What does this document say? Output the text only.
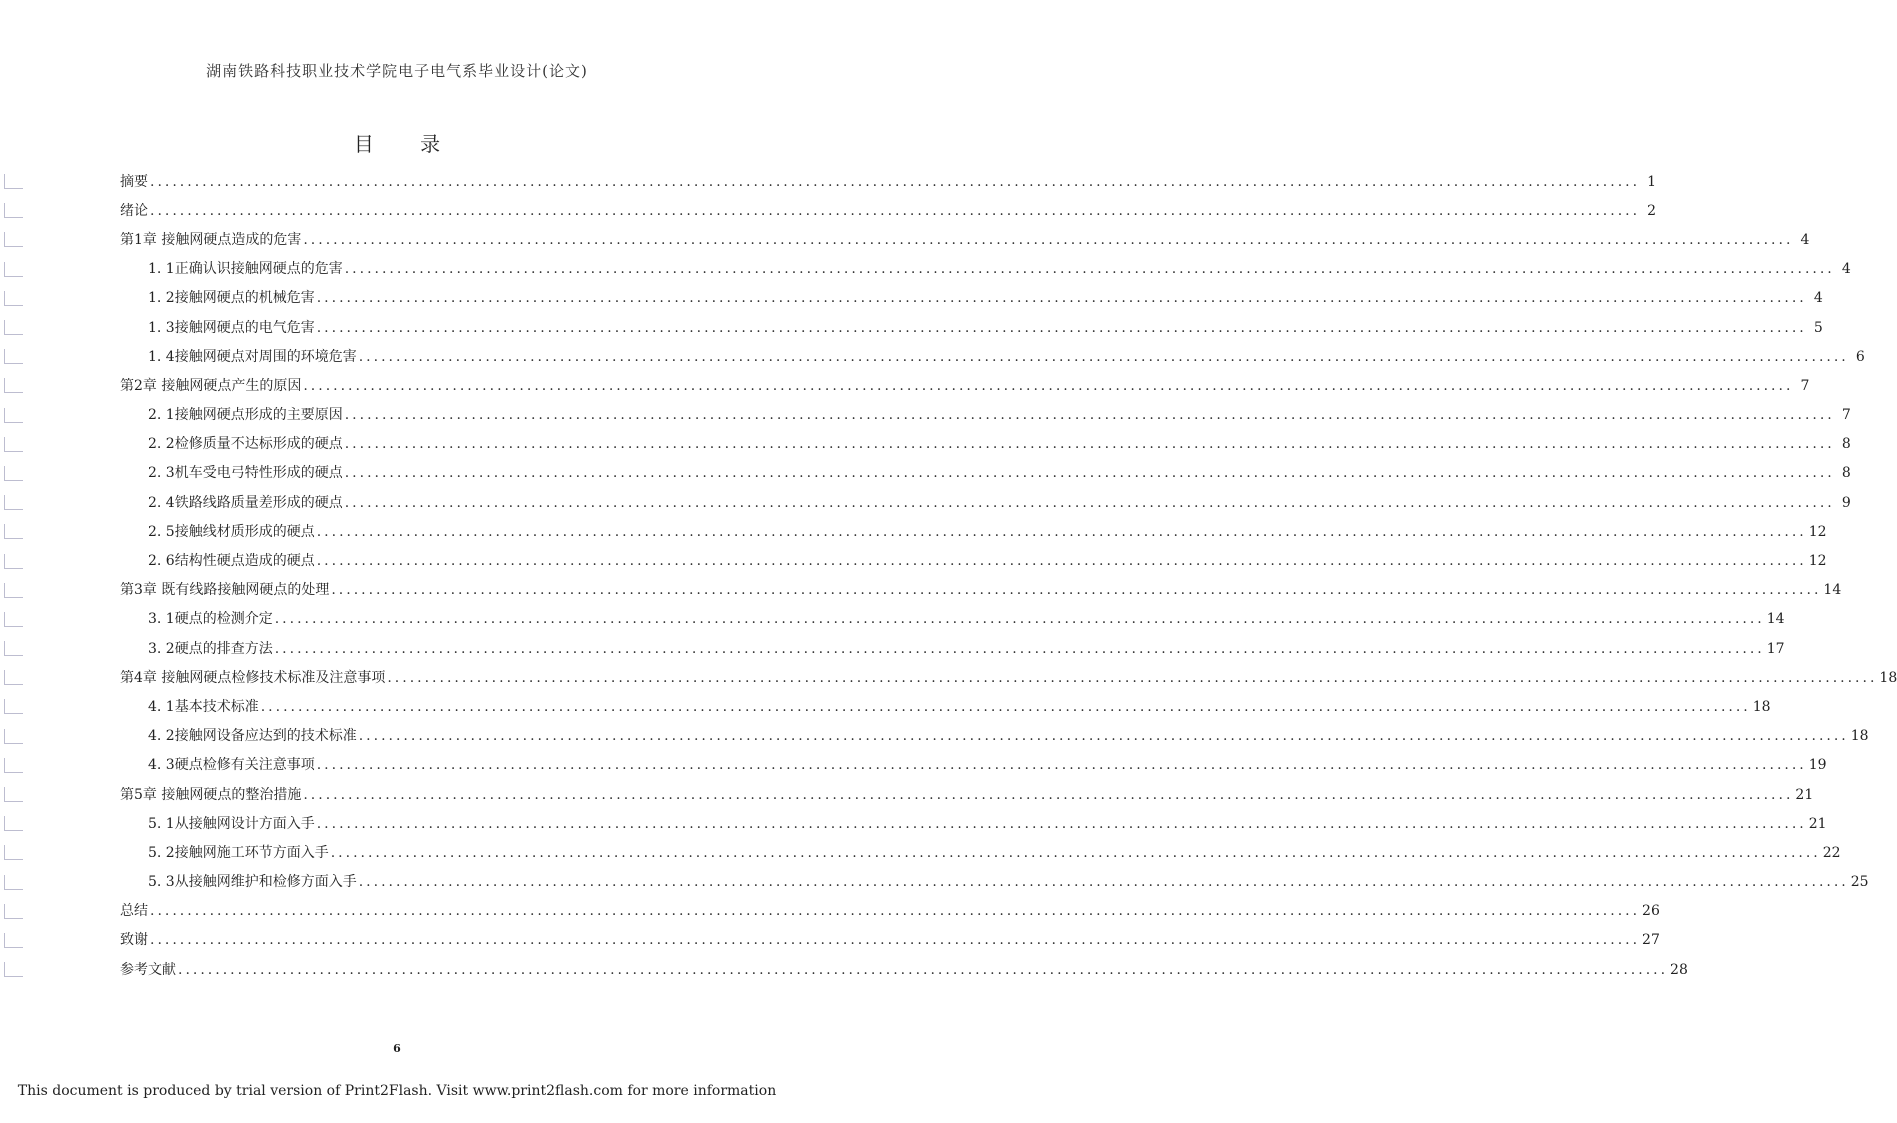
湖南铁路科技职业技术学院电子电气系毕业设计(论文)
目 录
摘要 ........................................................................................................................................................................................................ 1
绪论 ........................................................................................................................................................................................................ 2
第1章 接触网硬点造成的危害 ........................................................................................................................................................................................................ 4
1. 1正确认识接触网硬点的危害 ........................................................................................................................................................................................................ 4
1. 2接触网硬点的机械危害 ........................................................................................................................................................................................................ 4
1. 3接触网硬点的电气危害 ........................................................................................................................................................................................................ 5
1. 4接触网硬点对周围的环境危害 ........................................................................................................................................................................................................ 6
第2章 接触网硬点产生的原因 ........................................................................................................................................................................................................ 7
2. 1接触网硬点形成的主要原因 ........................................................................................................................................................................................................ 7
2. 2检修质量不达标形成的硬点 ........................................................................................................................................................................................................ 8
2. 3机车受电弓特性形成的硬点 ........................................................................................................................................................................................................ 8
2. 4铁路线路质量差形成的硬点 ........................................................................................................................................................................................................ 9
2. 5接触线材质形成的硬点 ........................................................................................................................................................................................................ 12
2. 6结构性硬点造成的硬点 ........................................................................................................................................................................................................ 12
第3章 既有线路接触网硬点的处理 ........................................................................................................................................................................................................ 14
3. 1硬点的检测介定 ........................................................................................................................................................................................................ 14
3. 2硬点的排查方法 ........................................................................................................................................................................................................ 17
第4章 接触网硬点检修技术标准及注意事项 ........................................................................................................................................................................................................ 18
4. 1基本技术标准 ........................................................................................................................................................................................................ 18
4. 2接触网设备应达到的技术标准 ........................................................................................................................................................................................................ 18
4. 3硬点检修有关注意事项 ........................................................................................................................................................................................................ 19
第5章 接触网硬点的整治措施 ........................................................................................................................................................................................................ 21
5. 1从接触网设计方面入手 ........................................................................................................................................................................................................ 21
5. 2接触网施工环节方面入手 ........................................................................................................................................................................................................ 22
5. 3从接触网维护和检修方面入手 ........................................................................................................................................................................................................ 25
总结 ........................................................................................................................................................................................................ 26
致谢 ........................................................................................................................................................................................................ 27
参考文献 ........................................................................................................................................................................................................ 28
6
This document is produced by trial version of Print2Flash. Visit www.print2flash.com for more information
